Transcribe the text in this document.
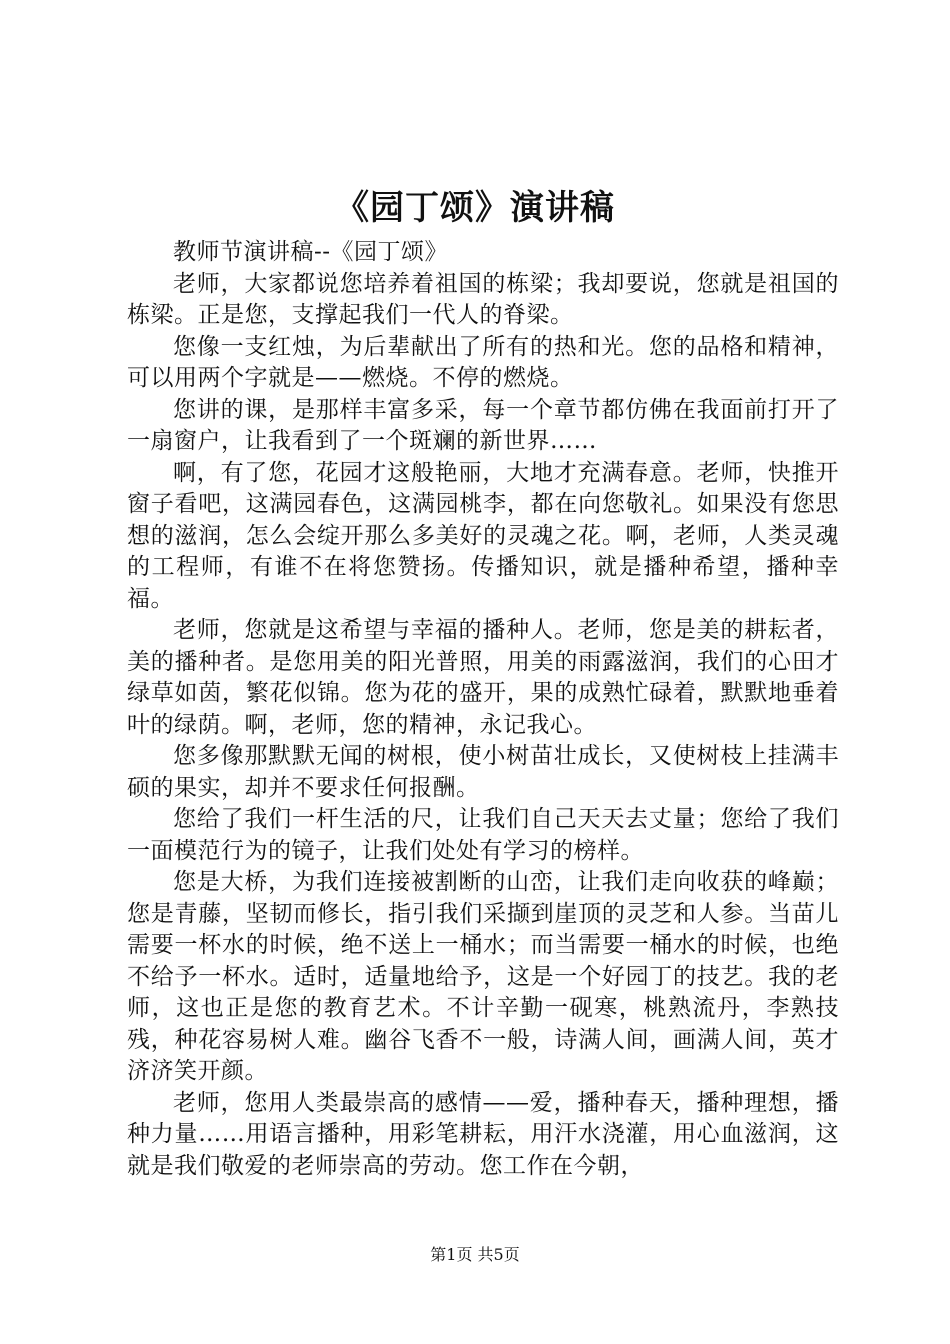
《园丁颂》演讲稿

教师节演讲稿--《园丁颂》

老师，大家都说您培养着祖国的栋梁；我却要说，您就是祖国的栋梁。正是您，支撑起我们一代人的脊梁。

您像一支红烛，为后辈献出了所有的热和光。您的品格和精神，可以用两个字就是——燃烧。不停的燃烧。

您讲的课，是那样丰富多采，每一个章节都仿佛在我面前打开了一扇窗户，让我看到了一个斑斓的新世界……

啊，有了您，花园才这般艳丽，大地才充满春意。老师，快推开窗子看吧，这满园春色，这满园桃李，都在向您敬礼。如果没有您思想的滋润，怎么会绽开那么多美好的灵魂之花。啊，老师，人类灵魂的工程师，有谁不在将您赞扬。传播知识，就是播种希望，播种幸福。

老师，您就是这希望与幸福的播种人。老师，您是美的耕耘者，美的播种者。是您用美的阳光普照，用美的雨露滋润，我们的心田才绿草如茵，繁花似锦。您为花的盛开，果的成熟忙碌着，默默地垂着叶的绿荫。啊，老师，您的精神，永记我心。

您多像那默默无闻的树根，使小树苗壮成长，又使树枝上挂满丰硕的果实，却并不要求任何报酬。

您给了我们一杆生活的尺，让我们自己天天去丈量；您给了我们一面模范行为的镜子，让我们处处有学习的榜样。

您是大桥，为我们连接被割断的山峦，让我们走向收获的峰巅；您是青藤，坚韧而修长，指引我们采撷到崖顶的灵芝和人参。当苗儿需要一杯水的时候，绝不送上一桶水；而当需要一桶水的时候，也绝不给予一杯水。适时，适量地给予，这是一个好园丁的技艺。我的老师，这也正是您的教育艺术。不计辛勤一砚寒，桃熟流丹，李熟技残，种花容易树人难。幽谷飞香不一般，诗满人间，画满人间，英才济济笑开颜。

老师，您用人类最崇高的感情——爱，播种春天，播种理想，播种力量……用语言播种，用彩笔耕耘，用汗水浇灌，用心血滋润，这就是我们敬爱的老师崇高的劳动。您工作在今朝，

第1页 共5页
